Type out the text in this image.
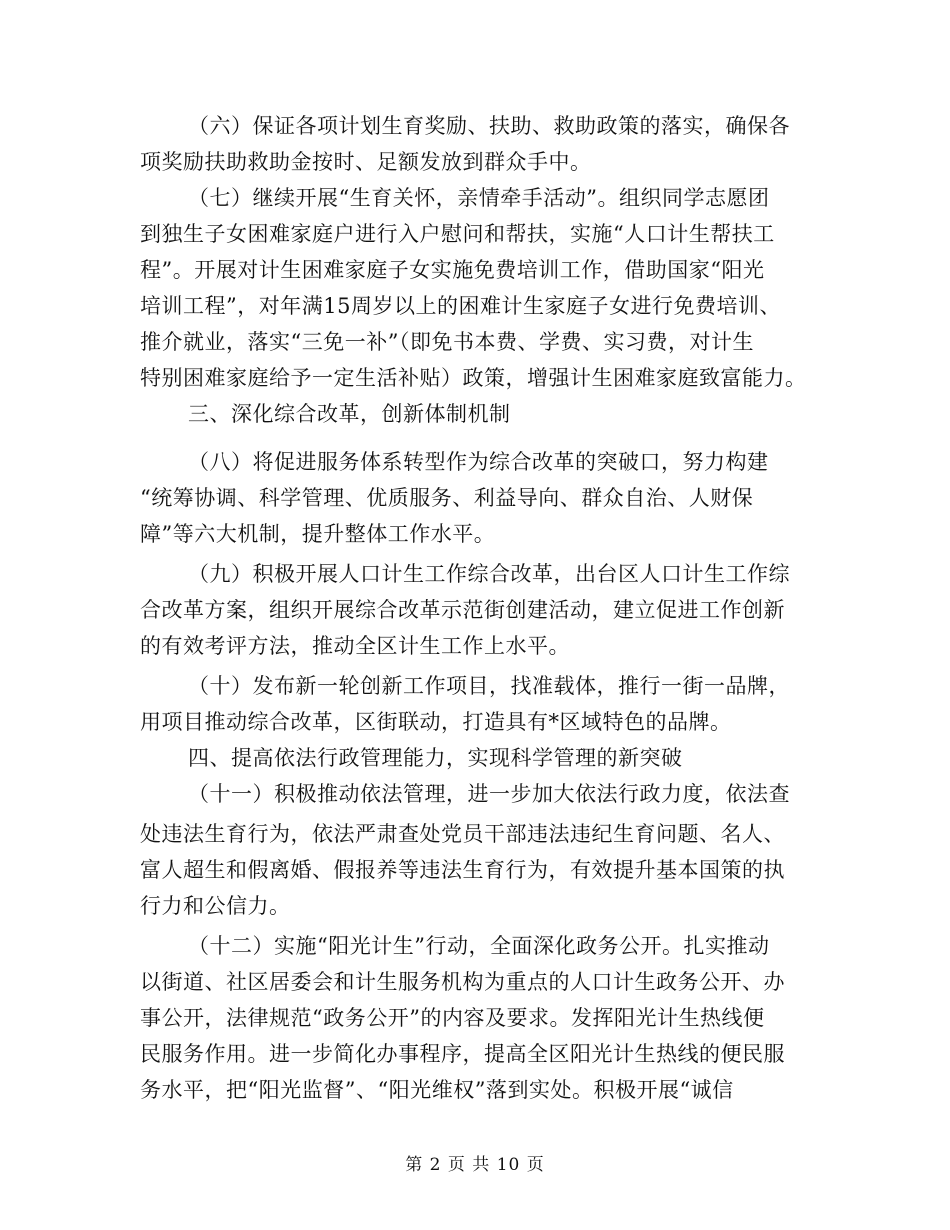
（六）保证各项计划生育奖励、扶助、救助政策的落实，确保各
项奖励扶助救助金按时、足额发放到群众手中。
（七）继续开展“生育关怀，亲情牵手活动”。组织同学志愿团
到独生子女困难家庭户进行入户慰问和帮扶，实施“人口计生帮扶工
程”。开展对计生困难家庭子女实施免费培训工作，借助国家“阳光
培训工程”，对年满15周岁以上的困难计生家庭子女进行免费培训、
推介就业，落实“三免一补”（即免书本费、学费、实习费，对计生
特别困难家庭给予一定生活补贴）政策，增强计生困难家庭致富能力。
三、深化综合改革，创新体制机制
（八）将促进服务体系转型作为综合改革的突破口，努力构建
“统筹协调、科学管理、优质服务、利益导向、群众自治、人财保
障”等六大机制，提升整体工作水平。
（九）积极开展人口计生工作综合改革，出台区人口计生工作综
合改革方案，组织开展综合改革示范街创建活动，建立促进工作创新
的有效考评方法，推动全区计生工作上水平。
（十）发布新一轮创新工作项目，找准载体，推行一街一品牌，
用项目推动综合改革，区街联动，打造具有*区域特色的品牌。
四、提高依法行政管理能力，实现科学管理的新突破
（十一）积极推动依法管理，进一步加大依法行政力度，依法查
处违法生育行为，依法严肃查处党员干部违法违纪生育问题、名人、
富人超生和假离婚、假报养等违法生育行为，有效提升基本国策的执
行力和公信力。
（十二）实施“阳光计生”行动，全面深化政务公开。扎实推动
以街道、社区居委会和计生服务机构为重点的人口计生政务公开、办
事公开，法律规范“政务公开”的内容及要求。发挥阳光计生热线便
民服务作用。进一步简化办事程序，提高全区阳光计生热线的便民服
务水平，把“阳光监督”、“阳光维权”落到实处。积极开展“诚信
第 2 页 共 10 页
